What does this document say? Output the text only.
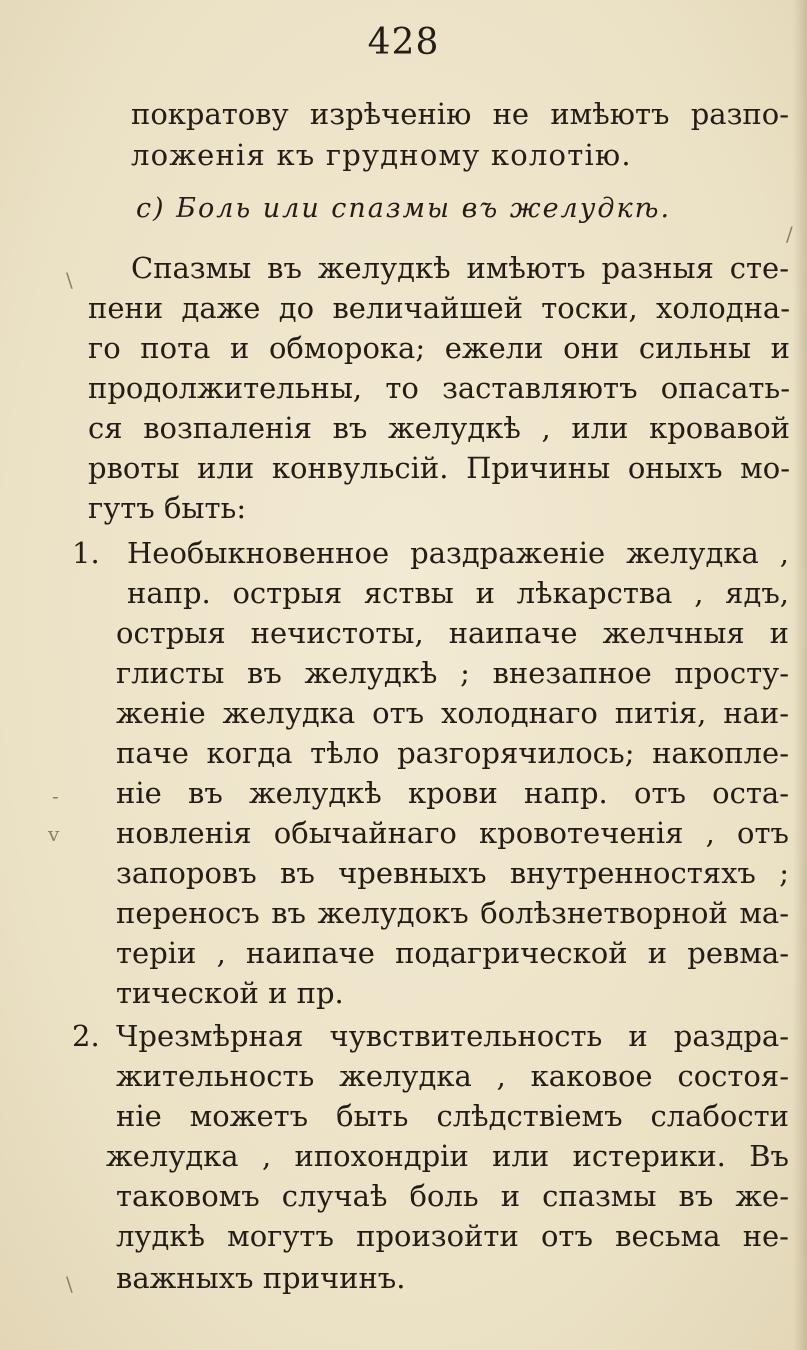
428
пократову изрѣченію не имѣютъ разпо-
ложенія къ грудному колотію.
c) Боль или спазмы въ желудкѣ.
Спазмы въ желудкѣ имѣютъ разныя сте-
пени даже до величайшей тоски, холодна-
го пота и обморока; ежели они сильны и
продолжительны, то заставляютъ опасать-
ся возпаленія въ желудкѣ , или кровавой
рвоты или конвульсій. Причины оныхъ мо-
гутъ быть:
1. Необыкновенное раздраженіе желудка ,
напр. острыя яствы и лѣкарства , ядъ,
острыя нечистоты, наипаче желчныя и
глисты въ желудкѣ ; внезапное просту-
женіе желудка отъ холоднаго питія, наи-
паче когда тѣло разгорячилось; накопле-
ніе въ желудкѣ крови напр. отъ оста-
новленія обычайнаго кровотеченія , отъ
запоровъ въ чревныхъ внутренностяхъ ;
переносъ въ желудокъ болѣзнетворной ма-
теріи , наипаче подагрической и ревма-
тической и пр.
2. Чрезмѣрная чувствительность и раздра-
жительность желудка , каковое состоя-
ніе можетъ быть слѣдствіемъ слабости
желудка , ипохондріи или истерики. Въ
таковомъ случаѣ боль и спазмы въ же-
лудкѣ могутъ произойти отъ весьма не-
важныхъ причинъ.
\
-
v
/
\
